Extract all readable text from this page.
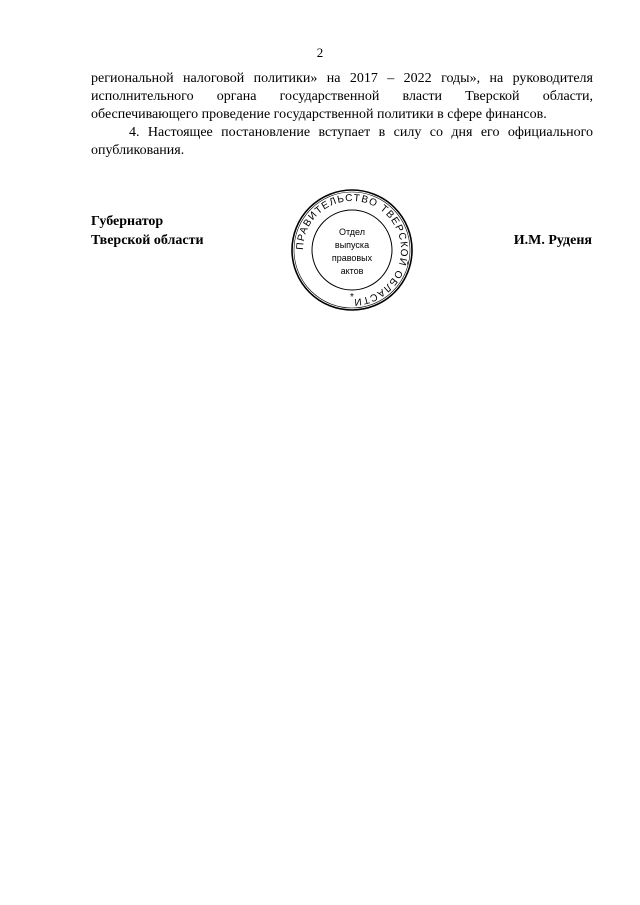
2
региональной налоговой политики» на 2017 – 2022 годы», на руководителя
исполнительного органа государственной власти Тверской области,
обеспечивающего проведение государственной политики в сфере финансов.
4. Настоящее постановление вступает в силу со дня его официального
опубликования.
Губернатор
Тверской области	ПРАВИТЕЛЬСТВО ТВЕРСКОЙ ОБЛАСТИ
*
Отдел
выпуска
правовых
актов
И.М. Руденя
